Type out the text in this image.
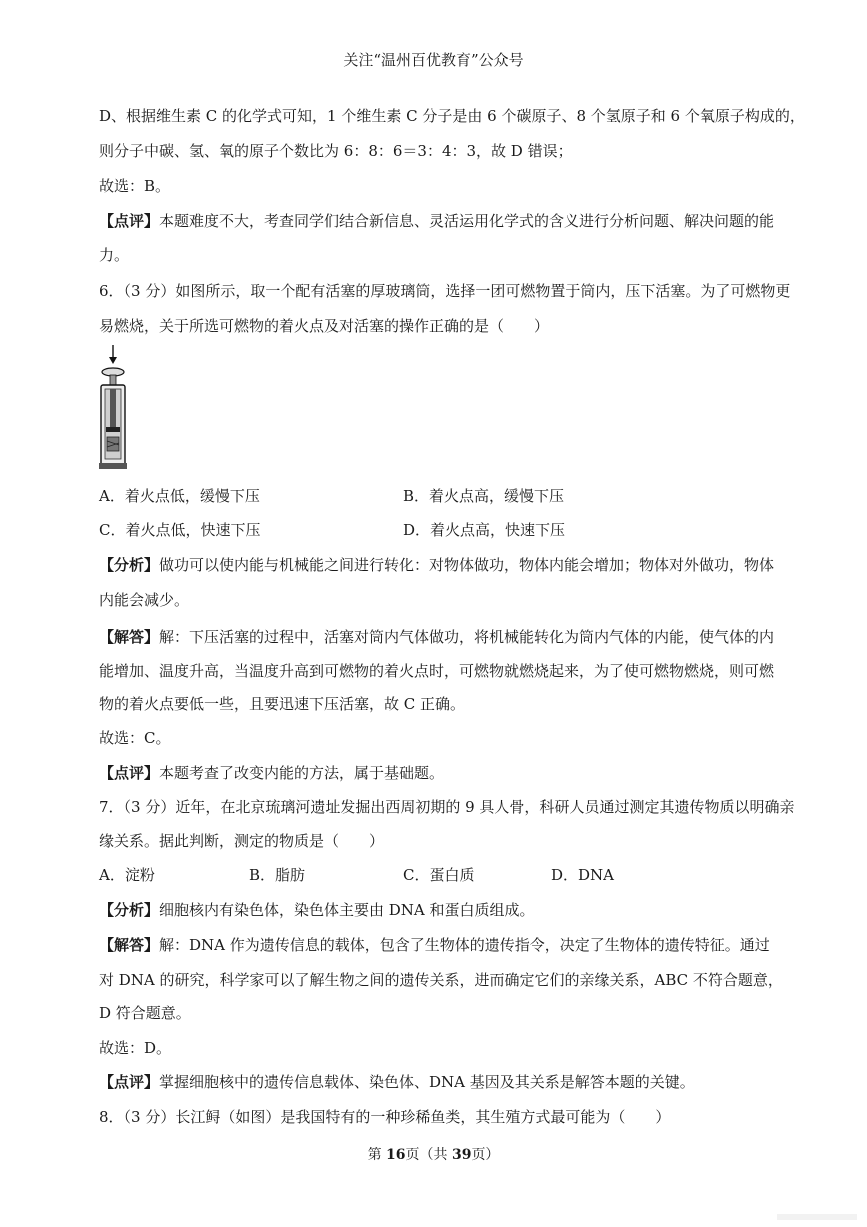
关注“温州百优教育”公众号
D、根据维生素 C 的化学式可知，1 个维生素 C 分子是由 6 个碳原子、8 个氢原子和 6 个氧原子构成的，
则分子中碳、氢、氧的原子个数比为 6：8：6＝3：4：3，故 D 错误；
故选：B。
【点评】本题难度不大，考查同学们结合新信息、灵活运用化学式的含义进行分析问题、解决问题的能
力。
6．（3 分）如图所示，取一个配有活塞的厚玻璃筒，选择一团可燃物置于筒内，压下活塞。为了可燃物更
易燃烧，关于所选可燃物的着火点及对活塞的操作正确的是（　　）
A．着火点低，缓慢下压	B．着火点高，缓慢下压
C．着火点低，快速下压	D．着火点高，快速下压
【分析】做功可以使内能与机械能之间进行转化：对物体做功，物体内能会增加；物体对外做功，物体
内能会减少。
【解答】解：下压活塞的过程中，活塞对筒内气体做功，将机械能转化为筒内气体的内能，使气体的内
能增加、温度升高，当温度升高到可燃物的着火点时，可燃物就燃烧起来，为了使可燃物燃烧，则可燃
物的着火点要低一些，且要迅速下压活塞，故 C 正确。
故选：C。
【点评】本题考查了改变内能的方法，属于基础题。
7．（3 分）近年，在北京琉璃河遗址发掘出西周初期的 9 具人骨，科研人员通过测定其遗传物质以明确亲
缘关系。据此判断，测定的物质是（　　）
A．淀粉	B．脂肪	C．蛋白质	D．DNA
【分析】细胞核内有染色体，染色体主要由 DNA 和蛋白质组成。
【解答】解：DNA 作为遗传信息的载体，包含了生物体的遗传指令，决定了生物体的遗传特征。通过
对 DNA 的研究，科学家可以了解生物之间的遗传关系，进而确定它们的亲缘关系，ABC 不符合题意，
D 符合题意。
故选：D。
【点评】掌握细胞核中的遗传信息载体、染色体、DNA 基因及其关系是解答本题的关键。
8．（3 分）长江鲟（如图）是我国特有的一种珍稀鱼类，其生殖方式最可能为（　　）
第 16页（共 39页）
